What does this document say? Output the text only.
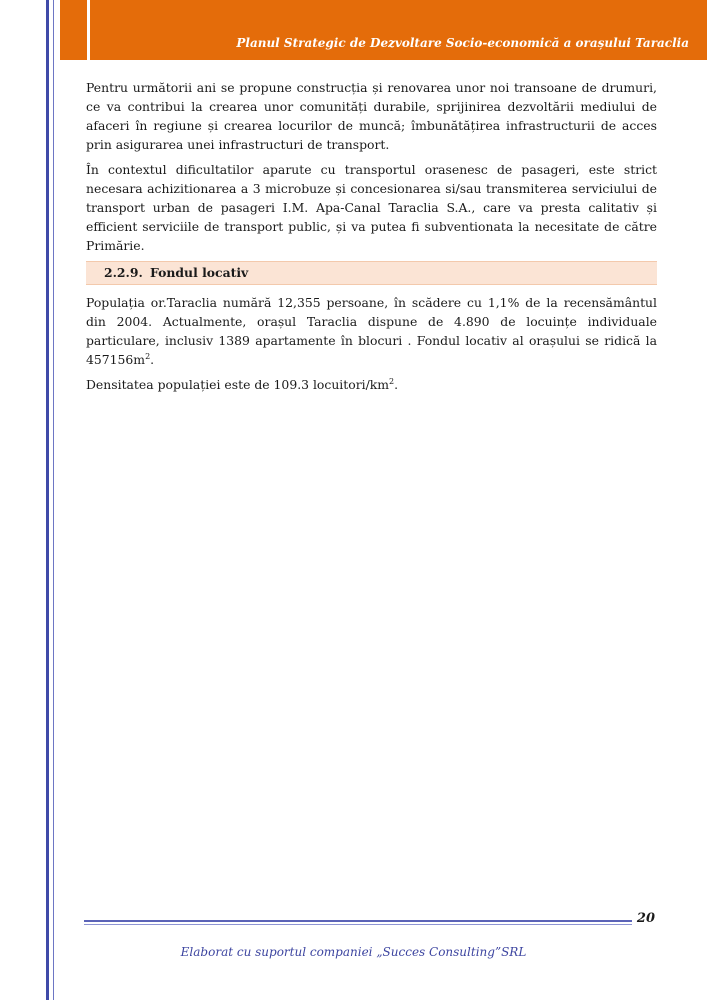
Planul Strategic de Dezvoltare Socio-economică a orașului Taraclia

Pentru următorii ani se propune construcția și renovarea unor noi transoane de drumuri, ce va contribui la crearea unor comunități durabile, sprijinirea dezvoltării mediului de afaceri în regiune și crearea locurilor de muncă; îmbunătățirea infrastructurii de acces prin asigurarea unei infrastructuri de transport.

În contextul dificultatilor aparute cu transportul orasenesc de pasageri, este strict necesara achizitionarea a 3 microbuze și concesionarea si/sau transmiterea serviciului de transport urban de pasageri I.M. Apa-Canal Taraclia S.A., care va presta calitativ și efficient serviciile de transport public, și va putea fi subventionata la necesitate de către Primărie.

2.2.9. Fondul locativ

Populația or.Taraclia numără 12,355 persoane, în scădere cu 1,1% de la recensământul din 2004. Actualmente, orașul Taraclia dispune de 4.890 de locuințe individuale particulare, inclusiv 1389 apartamente în blocuri . Fondul locativ al orașului se ridică la $457156m^2$.

Densitatea populației este de 109.3 locuitori/$km^2$.

20
Elaborat cu suportul companiei „Succes Consulting”SRL
